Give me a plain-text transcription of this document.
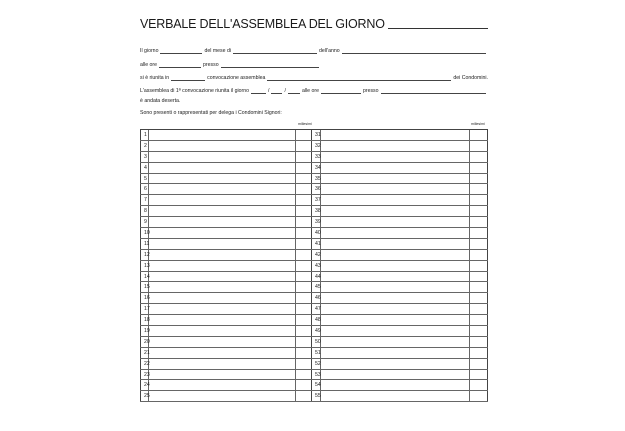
VERBALE DELL'ASSEMBLEA DEL GIORNO
Il giorno	del mese di	dell'anno
alle ore	presso
si è riunita in	convocazione assemblea	dei Condomini.
L'assemblea di 1ª convocazione riunita il giorno	/	/	alle ore	presso
è andata deserta.
Sono presenti o rappresentati per delega i Condomini Signori:
millesimi	millesimi
1	31
2	32
3	33
4	34
5	35
6	36
7	37
8	38
9	39
10	40
11	41
12	42
13	43
14	44
15	45
16	46
17	47
18	48
19	49
20	50
21	51
22	52
23	53
24	54
25	55
